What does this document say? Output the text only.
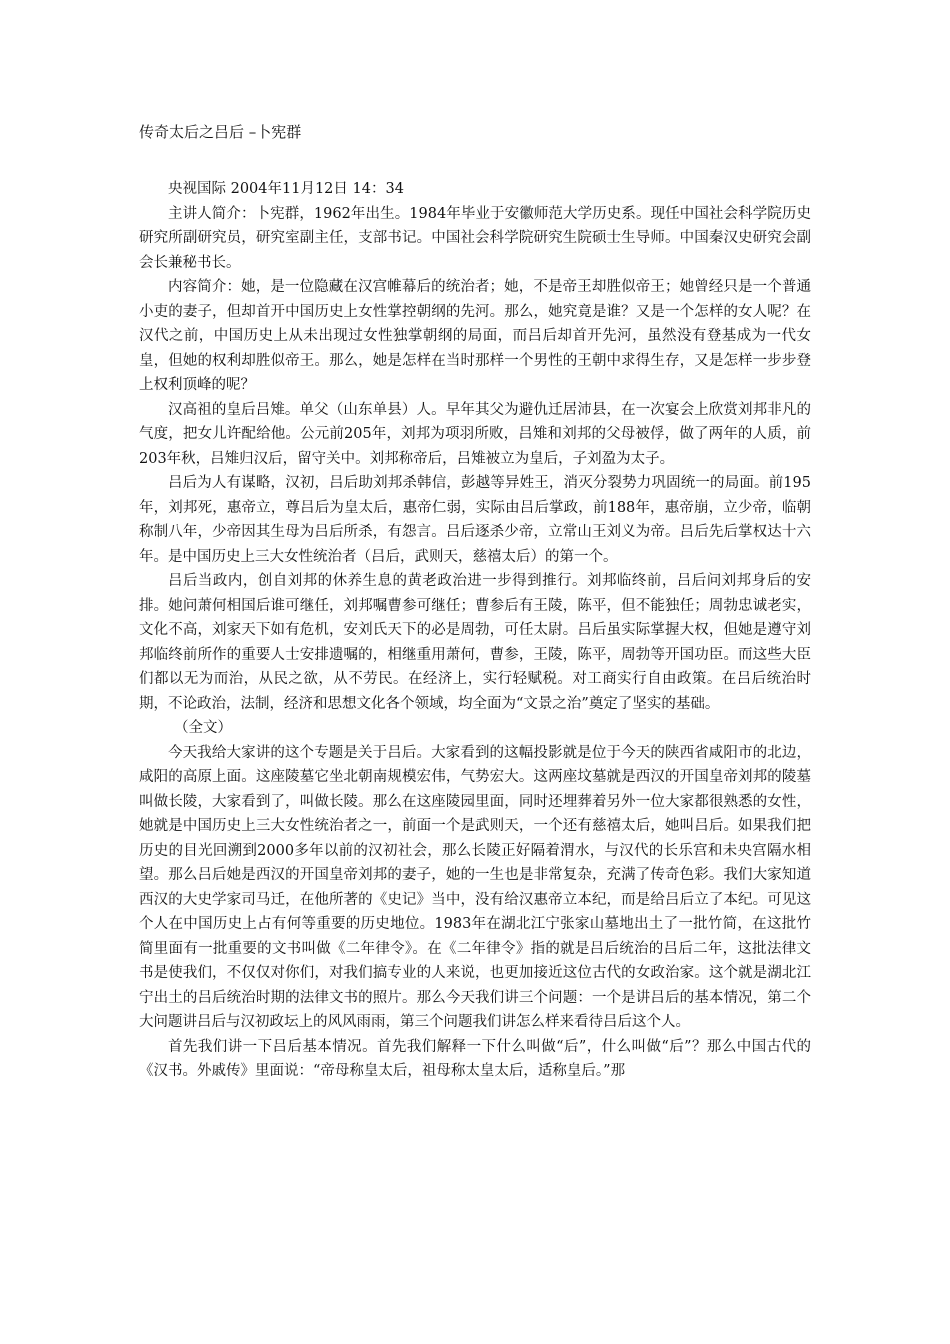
传奇太后之吕后 –卜宪群

央视国际 2004年11月12日 14：34

主讲人简介：卜宪群，1962年出生。1984年毕业于安徽师范大学历史系。现任中国社会科学院历史研究所副研究员，研究室副主任，支部书记。中国社会科学院研究生院硕士生导师。中国秦汉史研究会副会长兼秘书长。

内容简介：她，是一位隐藏在汉宫帷幕后的统治者；她，不是帝王却胜似帝王；她曾经只是一个普通小吏的妻子，但却首开中国历史上女性掌控朝纲的先河。那么，她究竟是谁？又是一个怎样的女人呢？在汉代之前，中国历史上从未出现过女性独掌朝纲的局面，而吕后却首开先河，虽然没有登基成为一代女皇，但她的权利却胜似帝王。那么，她是怎样在当时那样一个男性的王朝中求得生存，又是怎样一步步登上权利顶峰的呢？

汉高祖的皇后吕雉。单父（山东单县）人。早年其父为避仇迁居沛县，在一次宴会上欣赏刘邦非凡的气度，把女儿许配给他。公元前205年，刘邦为项羽所败，吕雉和刘邦的父母被俘，做了两年的人质，前203年秋，吕雉归汉后，留守关中。刘邦称帝后，吕雉被立为皇后，子刘盈为太子。

吕后为人有谋略，汉初，吕后助刘邦杀韩信，彭越等异姓王，消灭分裂势力巩固统一的局面。前195年，刘邦死，惠帝立，尊吕后为皇太后，惠帝仁弱，实际由吕后掌政，前188年，惠帝崩，立少帝，临朝称制八年，少帝因其生母为吕后所杀，有怨言。吕后逐杀少帝，立常山王刘义为帝。吕后先后掌权达十六年。是中国历史上三大女性统治者（吕后，武则天，慈禧太后）的第一个。

吕后当政内，创自刘邦的休养生息的黄老政治进一步得到推行。刘邦临终前，吕后问刘邦身后的安排。她问萧何相国后谁可继任，刘邦嘱曹参可继任；曹参后有王陵，陈平，但不能独任；周勃忠诚老实，文化不高，刘家天下如有危机，安刘氏天下的必是周勃，可任太尉。吕后虽实际掌握大权，但她是遵守刘邦临终前所作的重要人士安排遗嘱的，相继重用萧何，曹参，王陵，陈平，周勃等开国功臣。而这些大臣们都以无为而治，从民之欲，从不劳民。在经济上，实行轻赋税。对工商实行自由政策。在吕后统治时期，不论政治，法制，经济和思想文化各个领域，均全面为“文景之治”奠定了坚实的基础。

（全文）

今天我给大家讲的这个专题是关于吕后。大家看到的这幅投影就是位于今天的陕西省咸阳市的北边，咸阳的高原上面。这座陵墓它坐北朝南规模宏伟，气势宏大。这两座坟墓就是西汉的开国皇帝刘邦的陵墓叫做长陵，大家看到了，叫做长陵。那么在这座陵园里面，同时还埋葬着另外一位大家都很熟悉的女性，她就是中国历史上三大女性统治者之一，前面一个是武则天，一个还有慈禧太后，她叫吕后。如果我们把历史的目光回溯到2000多年以前的汉初社会，那么长陵正好隔着渭水，与汉代的长乐宫和未央宫隔水相望。那么吕后她是西汉的开国皇帝刘邦的妻子，她的一生也是非常复杂，充满了传奇色彩。我们大家知道西汉的大史学家司马迁，在他所著的《史记》当中，没有给汉惠帝立本纪，而是给吕后立了本纪。可见这个人在中国历史上占有何等重要的历史地位。1983年在湖北江宁张家山墓地出土了一批竹简，在这批竹简里面有一批重要的文书叫做《二年律令》。在《二年律令》指的就是吕后统治的吕后二年，这批法律文书是使我们，不仅仅对你们，对我们搞专业的人来说，也更加接近这位古代的女政治家。这个就是湖北江宁出土的吕后统治时期的法律文书的照片。那么今天我们讲三个问题：一个是讲吕后的基本情况，第二个大问题讲吕后与汉初政坛上的风风雨雨，第三个问题我们讲怎么样来看待吕后这个人。

首先我们讲一下吕后基本情况。首先我们解释一下什么叫做“后”，什么叫做“后”？那么中国古代的《汉书。外戚传》里面说：“帝母称皇太后，祖母称太皇太后，适称皇后。”那
